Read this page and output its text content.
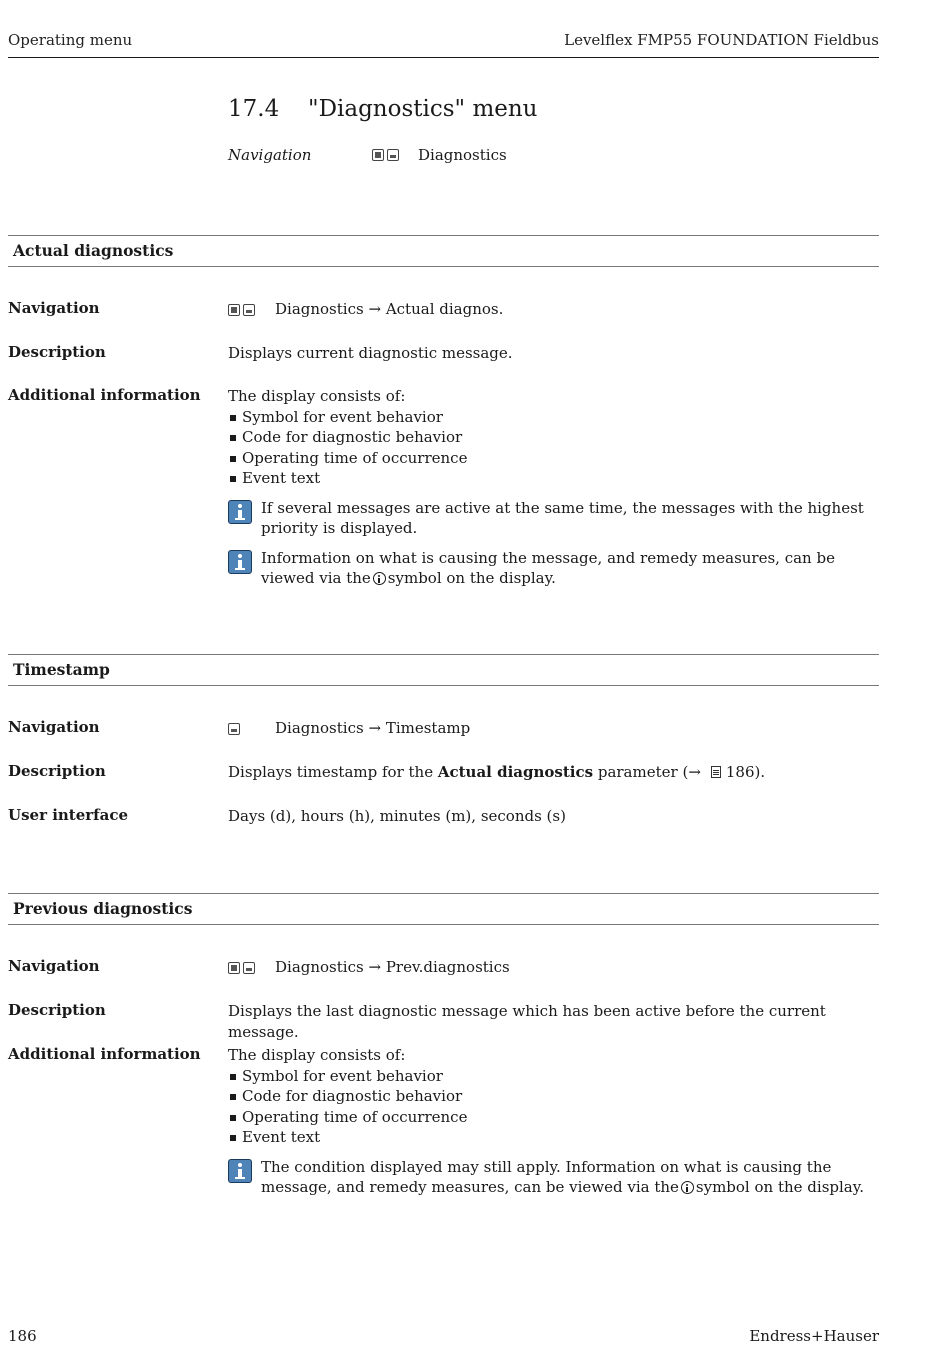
Operating menu	Levelflex FMP55 FOUNDATION Fieldbus
17.4 "Diagnostics" menu
Navigation	Diagnostics
Actual diagnostics
Navigation	Diagnostics → Actual diagnos.
Description	Displays current diagnostic message.
Additional information	The display consists of:
Symbol for event behavior
Code for diagnostic behavior
Operating time of occurrence
Event text
If several messages are active at the same time, the messages with the highest priority is displayed.
Information on what is causing the message, and remedy measures, can be viewed via the symbol on the display.
Timestamp
Navigation	Diagnostics → Timestamp
Description	Displays timestamp for the Actual diagnostics parameter (→ 186).
User interface	Days (d), hours (h), minutes (m), seconds (s)
Previous diagnostics
Navigation	Diagnostics → Prev.diagnostics
Description	Displays the last diagnostic message which has been active before the current message.
Additional information	The display consists of:
Symbol for event behavior
Code for diagnostic behavior
Operating time of occurrence
Event text
The condition displayed may still apply. Information on what is causing the message, and remedy measures, can be viewed via the symbol on the display.
186	Endress+Hauser
